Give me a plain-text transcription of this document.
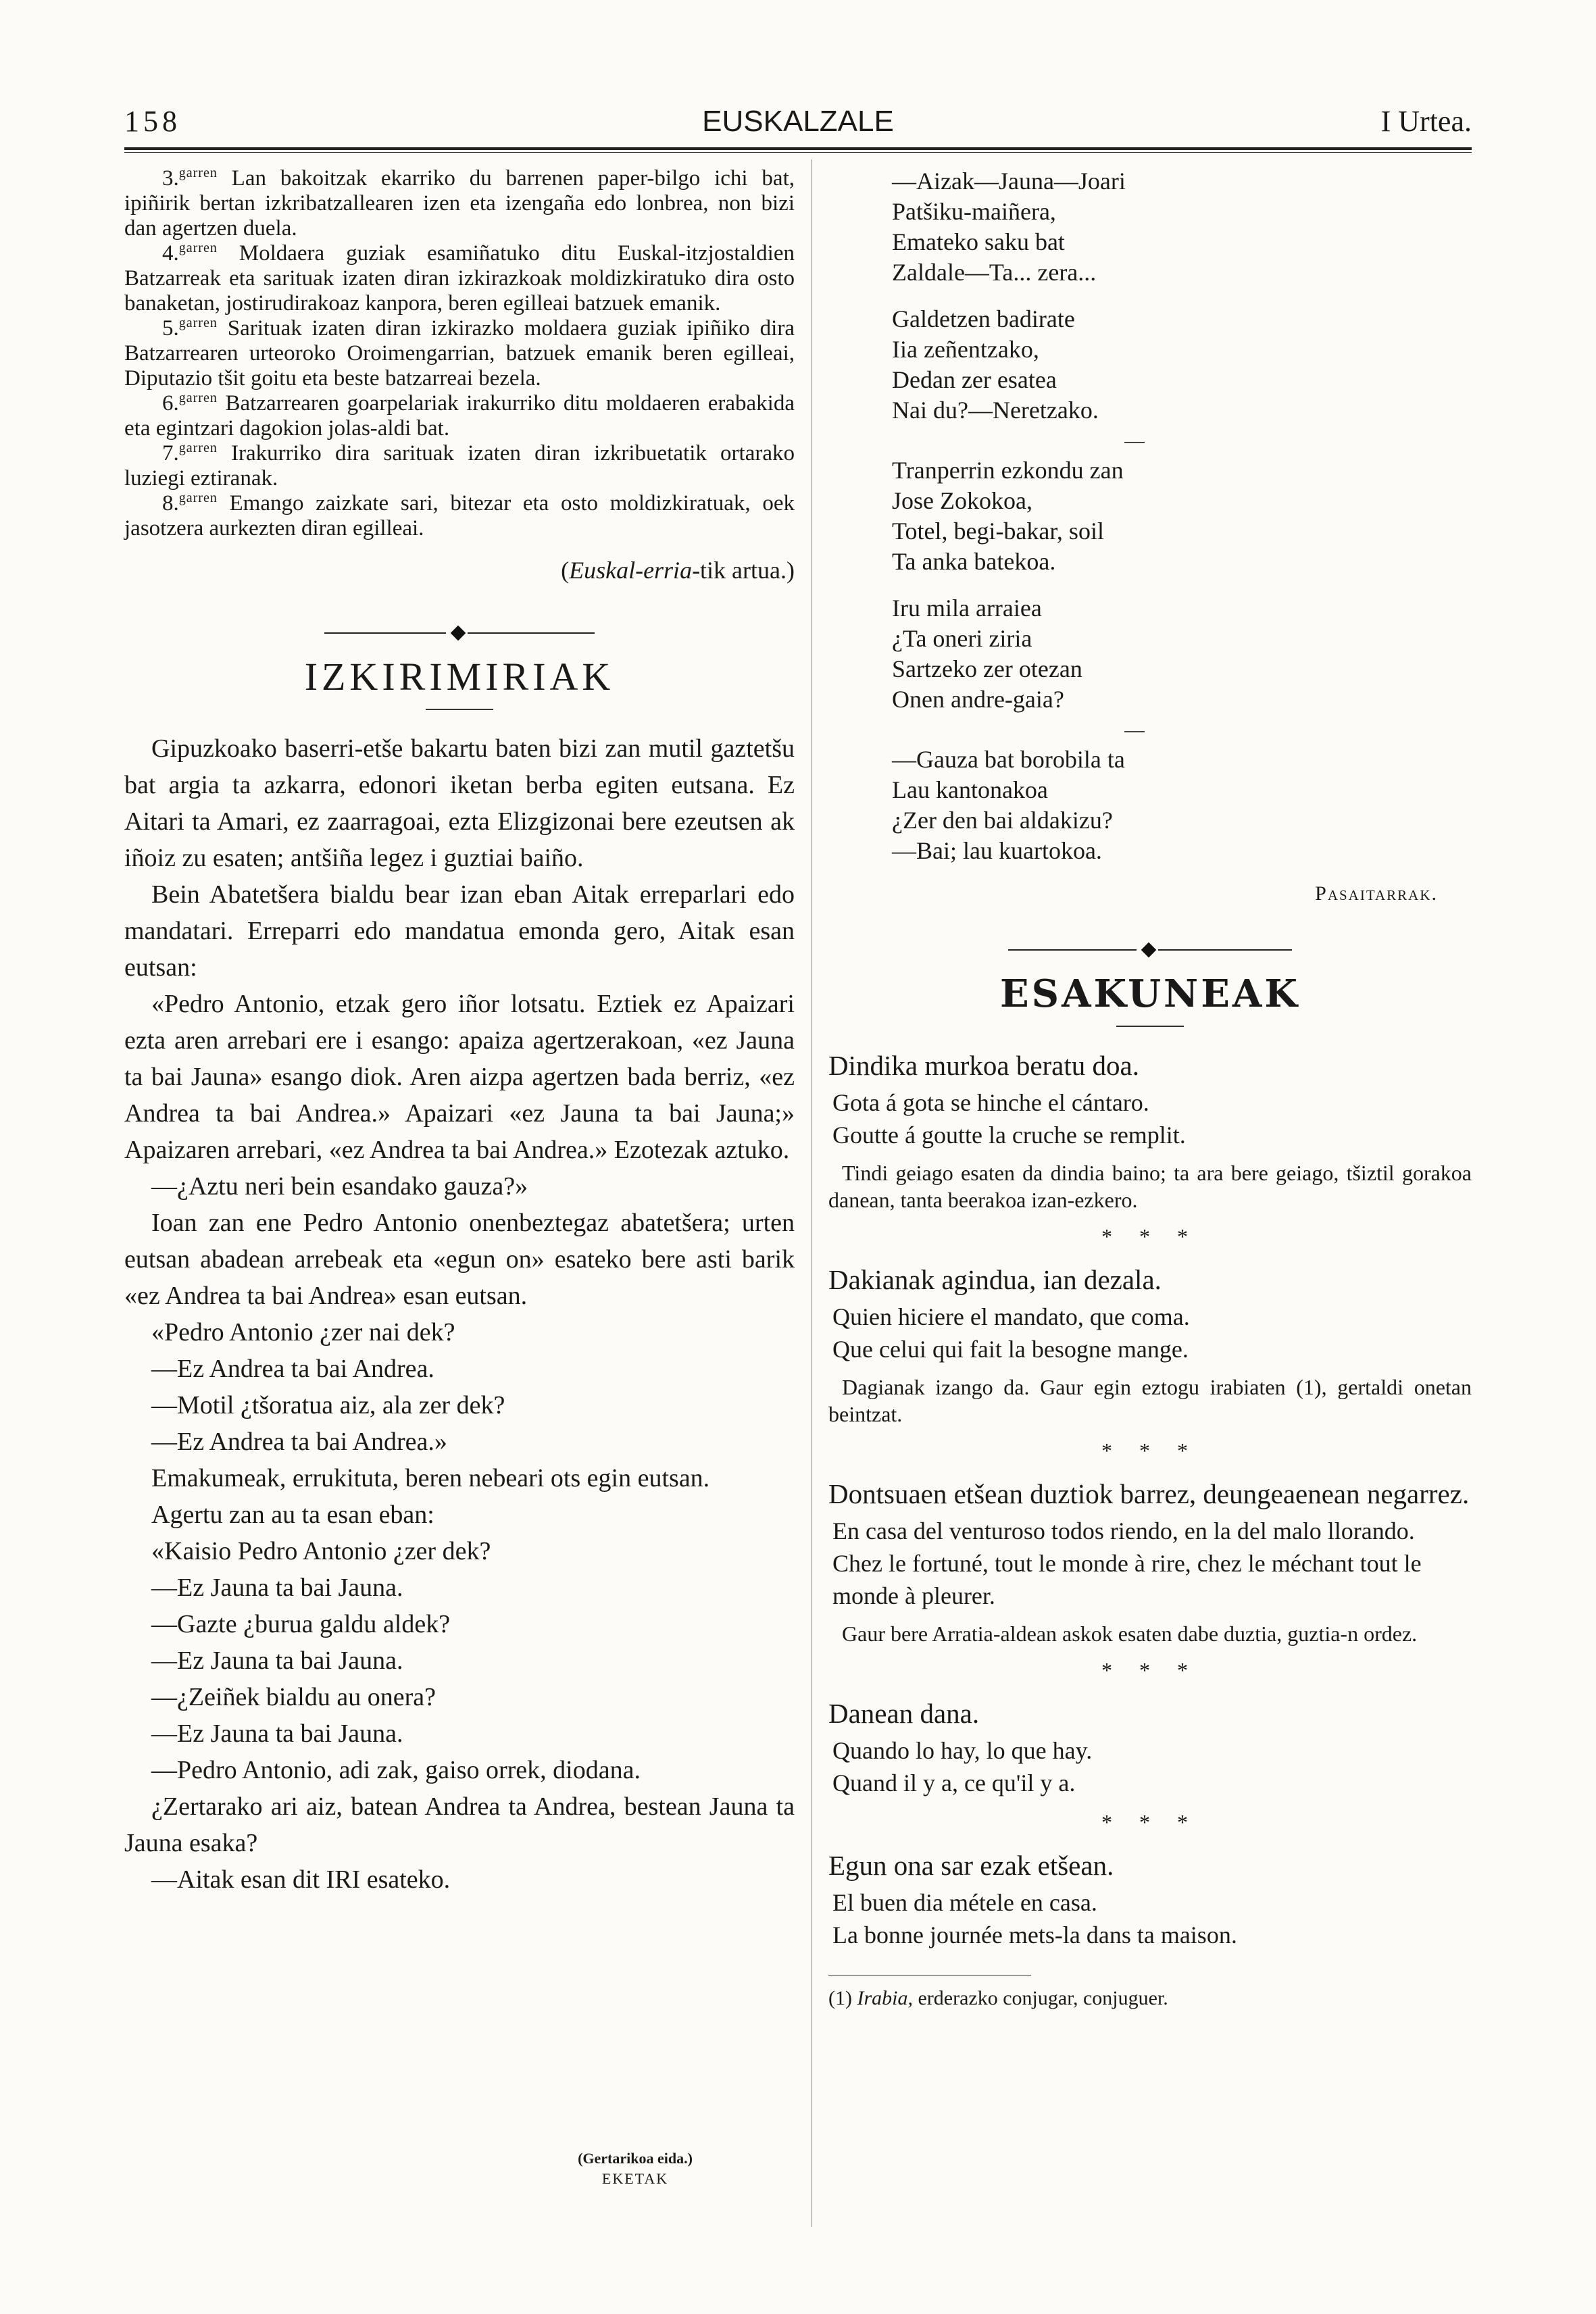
158	EUSKALZALE	I Urtea.

3.$^{garren}$ Lan bakoitzak ekarriko du barrenen paper-bilgo ichi bat, ipiñirik bertan izkribatzallearen izen eta izengaña edo lonbrea, non bizi dan agertzen duela.

4.$^{garren}$ Moldaera guziak esamiñatuko ditu Euskal-itzjostaldien Batzarreak eta sarituak izaten diran izkirazkoak moldizkiratuko dira osto banaketan, jostirudirakoaz kanpora, beren egilleai batzuek emanik.

5.$^{garren}$ Sarituak izaten diran izkirazko moldaera guziak ipiñiko dira Batzarrearen urteoroko Oroimengarrian, batzuek emanik beren egilleai, Diputazio tšit goitu eta beste batzarreai bezela.

6.$^{garren}$ Batzarrearen goarpelariak irakurriko ditu moldaeren erabakida eta egintzari dagokion jolas-aldi bat.

7.$^{garren}$ Irakurriko dira sarituak izaten diran izkribuetatik ortarako luziegi eztiranak.

8.$^{garren}$ Emango zaizkate sari, bitezar eta osto moldizkiratuak, oek jasotzera aurkezten diran egilleai.

(Euskal-erria-tik artua.)

IZKIRIMIRIAK

Gipuzkoako baserri-etše bakartu baten bizi zan mutil gaztetšu bat argia ta azkarra, edonori iketan berba egiten eutsana. Ez Aitari ta Amari, ez zaarragoai, ezta Elizgizonai bere ezeutsen ak iñoiz zu esaten; antšiña legez i guztiai baiño.

Bein Abatetšera bialdu bear izan eban Aitak erreparlari edo mandatari. Erreparri edo mandatua emonda gero, Aitak esan eutsan:

«Pedro Antonio, etzak gero iñor lotsatu. Eztiek ez Apaizari ezta aren arrebari ere i esango: apaiza agertzerakoan, «ez Jauna ta bai Jauna» esango diok. Aren aizpa agertzen bada berriz, «ez Andrea ta bai Andrea.» Apaizari «ez Jauna ta bai Jauna;» Apaizaren arrebari, «ez Andrea ta bai Andrea.» Ezotezak aztuko.

—¿Aztu neri bein esandako gauza?»

Ioan zan ene Pedro Antonio onenbeztegaz abatetšera; urten eutsan abadean arrebeak eta «egun on» esateko bere asti barik «ez Andrea ta bai Andrea» esan eutsan.

«Pedro Antonio ¿zer nai dek?

—Ez Andrea ta bai Andrea.

—Motil ¿tšoratua aiz, ala zer dek?

—Ez Andrea ta bai Andrea.»

Emakumeak, errukituta, beren nebeari ots egin eutsan.

Agertu zan au ta esan eban:

«Kaisio Pedro Antonio ¿zer dek?

—Ez Jauna ta bai Jauna.

—Gazte ¿burua galdu aldek?

—Ez Jauna ta bai Jauna.

—¿Zeiñek bialdu au onera?

—Ez Jauna ta bai Jauna.

—Pedro Antonio, adi zak, gaiso orrek, diodana.

¿Zertarako ari aiz, batean Andrea ta Andrea, bestean Jauna ta Jauna esaka?

—Aitak esan dit IRI esateko.

(Gertarikoa eida.)
EKETAK

—Aizak—Jauna—Joari

Patšiku-maiñera,

Emateko saku bat

Zaldale—Ta... zera...

Galdetzen badirate

Iia zeñentzako,

Dedan zer esatea

Nai du?—Neretzako.

Tranperrin ezkondu zan

Jose Zokokoa,

Totel, begi-bakar, soil

Ta anka batekoa.

Iru mila arraiea

¿Ta oneri ziria

Sartzeko zer otezan

Onen andre-gaia?

—Gauza bat borobila ta

Lau kantonakoa

¿Zer den bai aldakizu?

—Bai; lau kuartokoa.

Pasaitarrak.

ESAKUNEAK

Dindika murkoa beratu doa.

Gota á gota se hinche el cántaro.

Goutte á goutte la cruche se remplit.

Tindi geiago esaten da dindia baino; ta ara bere geiago, tšiztil gorakoa danean, tanta beerakoa izan-ezkero.

* * *

Dakianak agindua, ian dezala.

Quien hiciere el mandato, que coma.

Que celui qui fait la besogne mange.

Dagianak izango da. Gaur egin eztogu irabiaten (1), gertaldi onetan beintzat.

* * *

Dontsuaen etšean duztiok barrez, deungeaenean negarrez.

En casa del venturoso todos riendo, en la del malo llorando.

Chez le fortuné, tout le monde à rire, chez le méchant tout le monde à pleurer.

Gaur bere Arratia-aldean askok esaten dabe duztia, guztia-n ordez.

* * *

Danean dana.

Quando lo hay, lo que hay.

Quand il y a, ce qu'il y a.

* * *

Egun ona sar ezak etšean.

El buen dia métele en casa.

La bonne journée mets-la dans ta maison.

(1) Irabia, erderazko conjugar, conjuguer.
